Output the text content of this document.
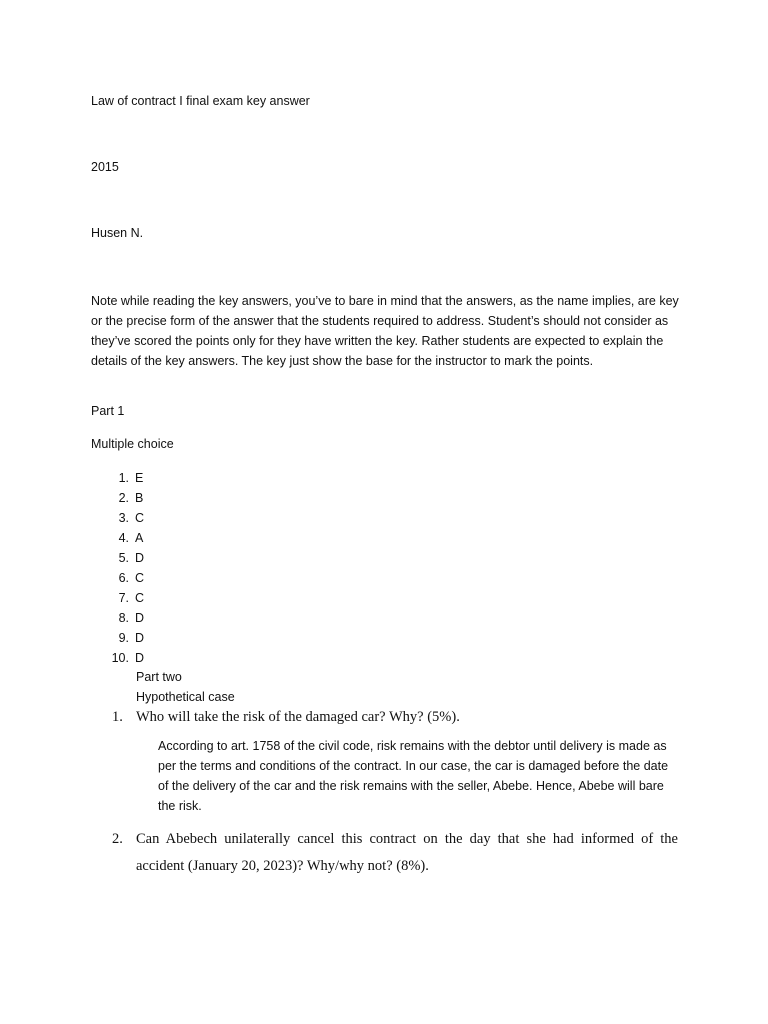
Law of contract I final exam key answer

2015

Husen N.

Note while reading the key answers, you’ve to bare in mind that the answers, as the name implies, are key or the precise form of the answer that the students required to address. Student’s should not consider as they’ve scored the points only for they have written the key. Rather students are expected to explain the details of the key answers. The key just show the base for the instructor to mark the points.

Part 1

Multiple choice

1. E
2. B
3. C
4. A
5. D
6. C
7. C
8. D
9. D
10. D

Part two

Hypothetical case

1. Who will take the risk of the damaged car? Why? (5%).

According to art. 1758 of the civil code, risk remains with the debtor until delivery is made as per the terms and conditions of the contract. In our case, the car is damaged before the date of the delivery of the car and the risk remains with the seller, Abebe. Hence, Abebe will bare the risk.

2. Can Abebech unilaterally cancel this contract on the day that she had informed of the accident (January 20, 2023)? Why/why not? (8%).
